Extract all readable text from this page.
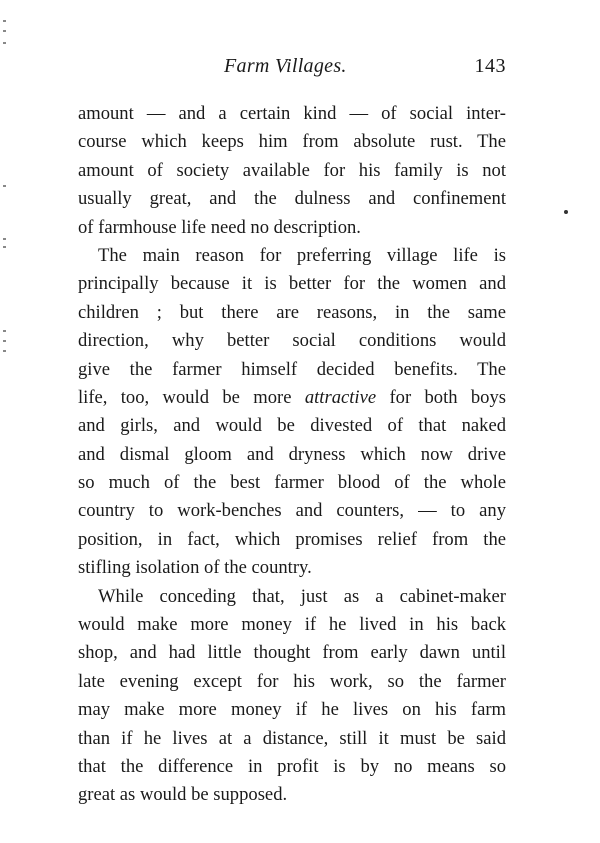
Farm Villages.	143
amount — and a certain kind — of social inter-
course which keeps him from absolute rust. The
amount of society available for his family is not
usually great, and the dulness and confinement
of farmhouse life need no description.
The main reason for preferring village life is
principally because it is better for the women and
children ; but there are reasons, in the same
direction, why better social conditions would
give the farmer himself decided benefits. The
life, too, would be more attractive for both boys
and girls, and would be divested of that naked
and dismal gloom and dryness which now drive
so much of the best farmer blood of the whole
country to work-benches and counters, — to any
position, in fact, which promises relief from the
stifling isolation of the country.
While conceding that, just as a cabinet-maker
would make more money if he lived in his back
shop, and had little thought from early dawn until
late evening except for his work, so the farmer
may make more money if he lives on his farm
than if he lives at a distance, still it must be said
that the difference in profit is by no means so
great as would be supposed.
